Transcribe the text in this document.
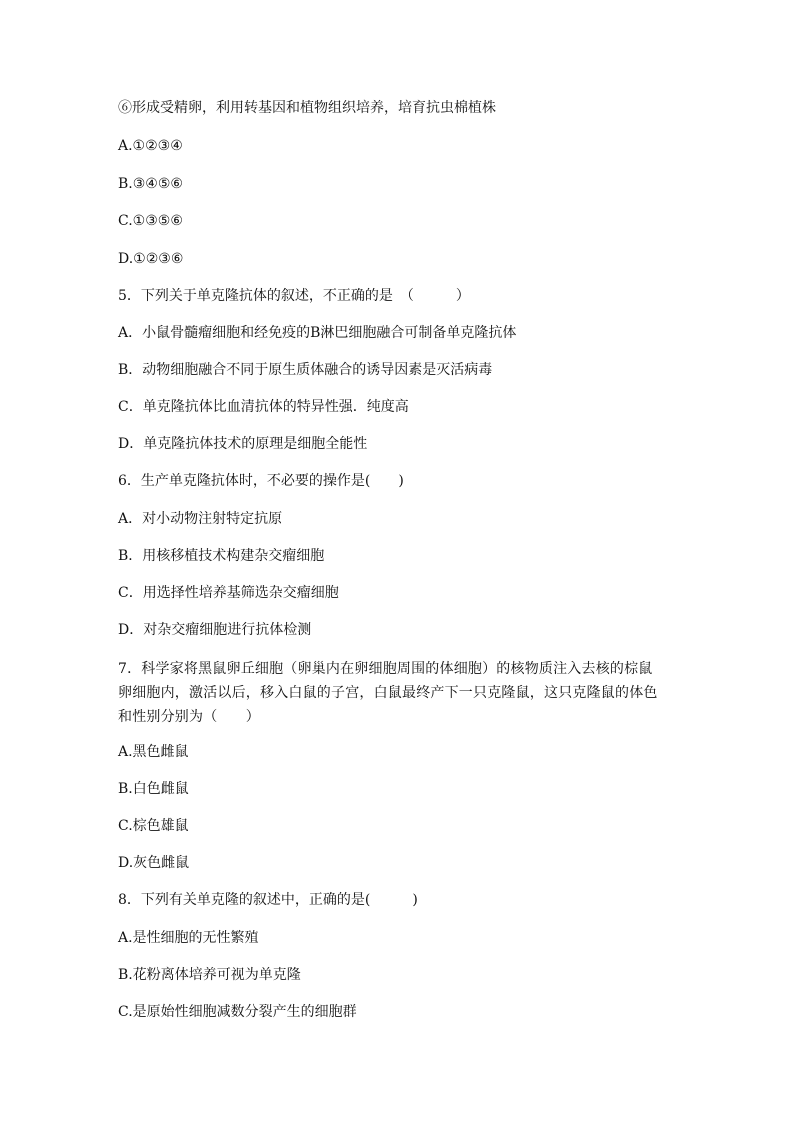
⑥形成受精卵，利用转基因和植物组织培养，培育抗虫棉植株
A.①②③④
B.③④⑤⑥
C.①③⑤⑥
D.①②③⑥
5．下列关于单克隆抗体的叙述，不正确的是　（　　　）
A．小鼠骨髓瘤细胞和经免疫的B淋巴细胞融合可制备单克隆抗体
B．动物细胞融合不同于原生质体融合的诱导因素是灭活病毒
C．单克隆抗体比血清抗体的特异性强．纯度高
D．单克隆抗体技术的原理是细胞全能性
6．生产单克隆抗体时，不必要的操作是(　　)
A．对小动物注射特定抗原
B．用核移植技术构建杂交瘤细胞
C．用选择性培养基筛选杂交瘤细胞
D．对杂交瘤细胞进行抗体检测
7．科学家将黑鼠卵丘细胞（卵巢内在卵细胞周围的体细胞）的核物质注入去核的棕鼠
卵细胞内，激活以后，移入白鼠的子宫，白鼠最终产下一只克隆鼠，这只克隆鼠的体色
和性别分别为（　　）
A.黑色雌鼠
B.白色雌鼠
C.棕色雄鼠
D.灰色雌鼠
8．下列有关单克隆的叙述中，正确的是(　　　)
A.是性细胞的无性繁殖
B.花粉离体培养可视为单克隆
C.是原始性细胞减数分裂产生的细胞群
